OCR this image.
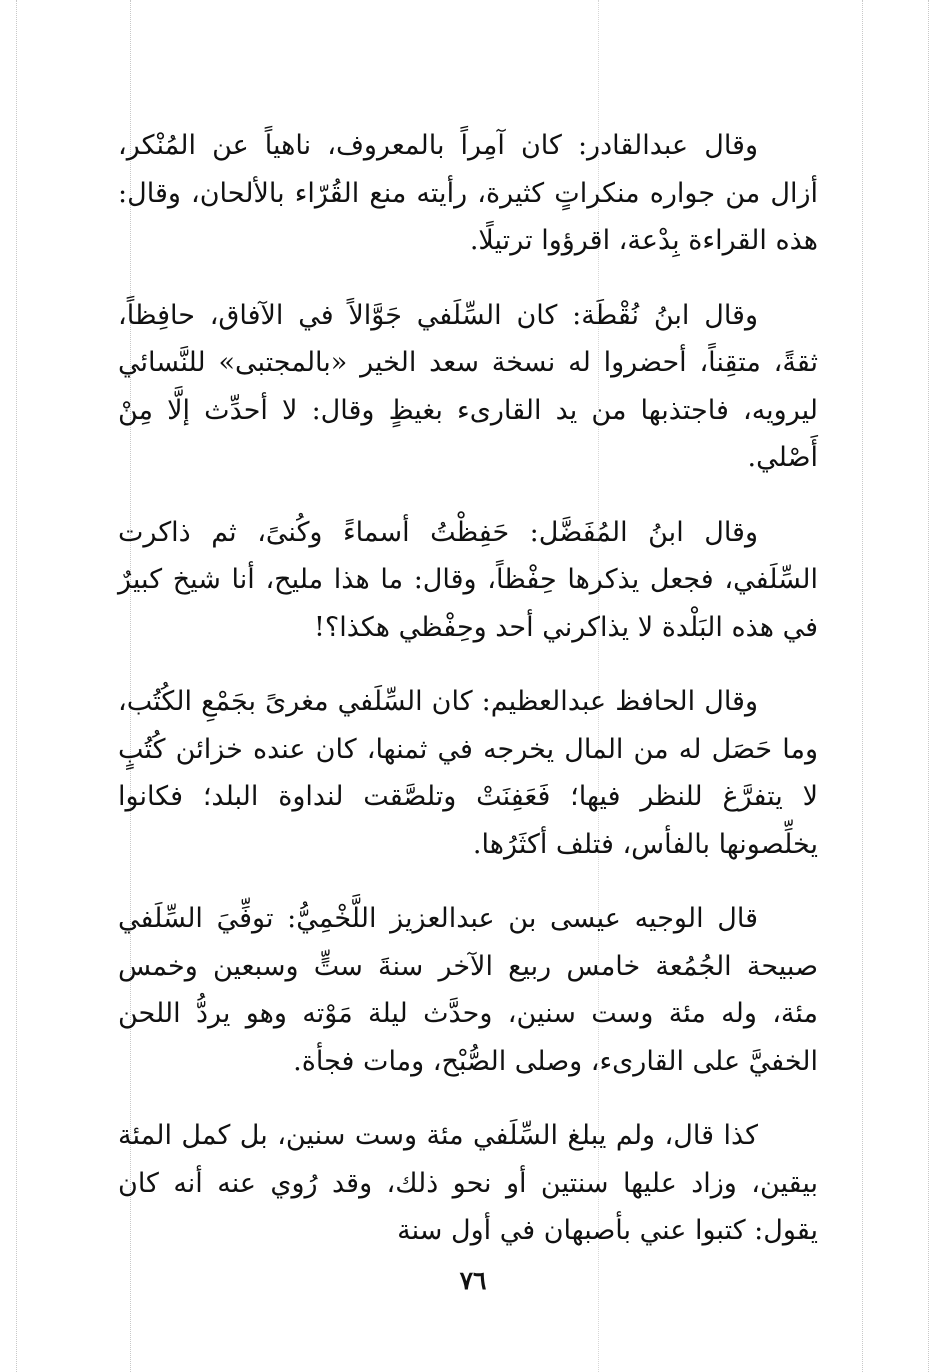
وقال عبدالقادر: كان آمِراً بالمعروف، ناهياً عن المُنْكر، أزال من جواره منكراتٍ كثيرة، رأيته منع القُرّاء بالألحان، وقال: هذه القراءة بِدْعة، اقرؤوا ترتيلًا.

وقال ابنُ نُقْطَة: كان السِّلَفي جَوَّالاً في الآفاق، حافِظاً، ثقةً، متقِناً، أحضروا له نسخة سعد الخير «بالمجتبى» للنَّسائي ليرويه، فاجتذبها من يد القارىء بغيظٍ وقال: لا أحدِّث إلَّا مِنْ أَصْلي.

وقال ابنُ المُفَضَّل: حَفِظْتُ أسماءً وكُنىً، ثم ذاكرت السِّلَفي، فجعل يذكرها حِفْظاً، وقال: ما هذا مليح، أنا شيخ كبيرٌ في هذه البَلْدة لا يذاكرني أحد وحِفْظي هكذا؟!

وقال الحافظ عبدالعظيم: كان السِّلَفي مغرىً بجَمْعِ الكُتُب، وما حَصَل له من المال يخرجه في ثمنها، كان عنده خزائن كُتُبٍ لا يتفرَّغ للنظر فيها؛ فَعَفِنَتْ وتلصَّقت لنداوة البلد؛ فكانوا يخلِّصونها بالفأس، فتلف أكثَرُها.

قال الوجيه عيسى بن عبدالعزيز اللَّخْمِيُّ: توفِّيَ السِّلَفي صبيحة الجُمُعة خامس ربيع الآخر سنةَ ستٍّ وسبعين وخمس مئة، وله مئة وست سنين، وحدَّث ليلة مَوْته وهو يردُّ اللحن الخفيَّ على القارىء، وصلى الصُّبْح، ومات فجأة.

كذا قال، ولم يبلغ السِّلَفي مئة وست سنين، بل كمل المئة بيقين، وزاد عليها سنتين أو نحو ذلك، وقد رُوي عنه أنه كان يقول: كتبوا عني بأصبهان في أول سنة

٧٦
